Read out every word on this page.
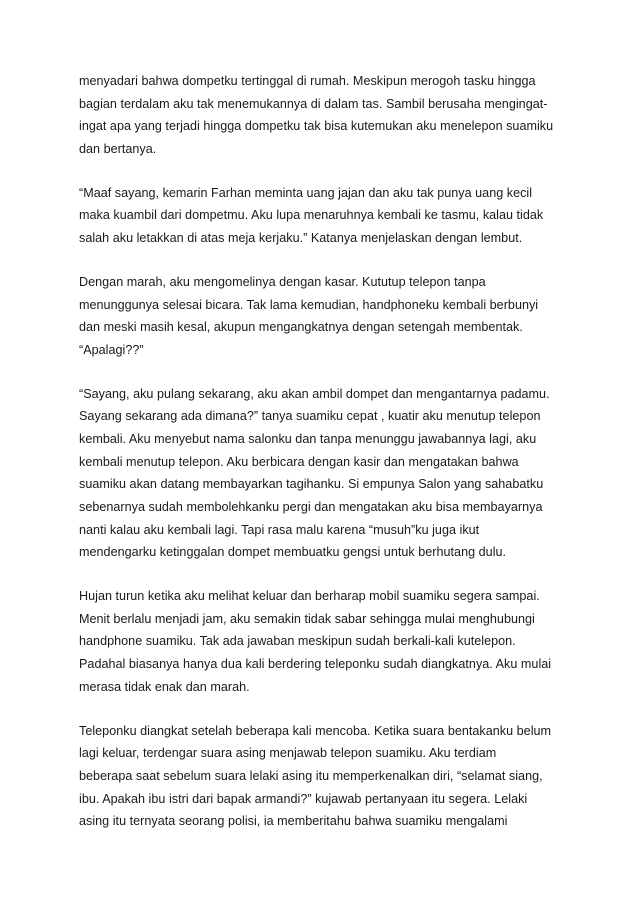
menyadari bahwa dompetku tertinggal di rumah. Meskipun merogoh tasku hingga
bagian terdalam aku tak menemukannya di dalam tas. Sambil berusaha mengingat-
ingat apa yang terjadi hingga dompetku tak bisa kutemukan aku menelepon suamiku
dan bertanya.
“Maaf sayang, kemarin Farhan meminta uang jajan dan aku tak punya uang kecil
maka kuambil dari dompetmu. Aku lupa menaruhnya kembali ke tasmu, kalau tidak
salah aku letakkan di atas meja kerjaku.” Katanya menjelaskan dengan lembut.
Dengan marah, aku mengomelinya dengan kasar. Kututup telepon tanpa
menunggunya selesai bicara. Tak lama kemudian, handphoneku kembali berbunyi
dan meski masih kesal, akupun mengangkatnya dengan setengah membentak.
“Apalagi??”
“Sayang, aku pulang sekarang, aku akan ambil dompet dan mengantarnya padamu.
Sayang sekarang ada dimana?” tanya suamiku cepat , kuatir aku menutup telepon
kembali. Aku menyebut nama salonku dan tanpa menunggu jawabannya lagi, aku
kembali menutup telepon. Aku berbicara dengan kasir dan mengatakan bahwa
suamiku akan datang membayarkan tagihanku. Si empunya Salon yang sahabatku
sebenarnya sudah membolehkanku pergi dan mengatakan aku bisa membayarnya
nanti kalau aku kembali lagi. Tapi rasa malu karena “musuh”ku juga ikut
mendengarku ketinggalan dompet membuatku gengsi untuk berhutang dulu.
Hujan turun ketika aku melihat keluar dan berharap mobil suamiku segera sampai.
Menit berlalu menjadi jam, aku semakin tidak sabar sehingga mulai menghubungi
handphone suamiku. Tak ada jawaban meskipun sudah berkali-kali kutelepon.
Padahal biasanya hanya dua kali berdering teleponku sudah diangkatnya. Aku mulai
merasa tidak enak dan marah.
Teleponku diangkat setelah beberapa kali mencoba. Ketika suara bentakanku belum
lagi keluar, terdengar suara asing menjawab telepon suamiku. Aku terdiam
beberapa saat sebelum suara lelaki asing itu memperkenalkan diri, “selamat siang,
ibu. Apakah ibu istri dari bapak armandi?” kujawab pertanyaan itu segera. Lelaki
asing itu ternyata seorang polisi, ia memberitahu bahwa suamiku mengalami
